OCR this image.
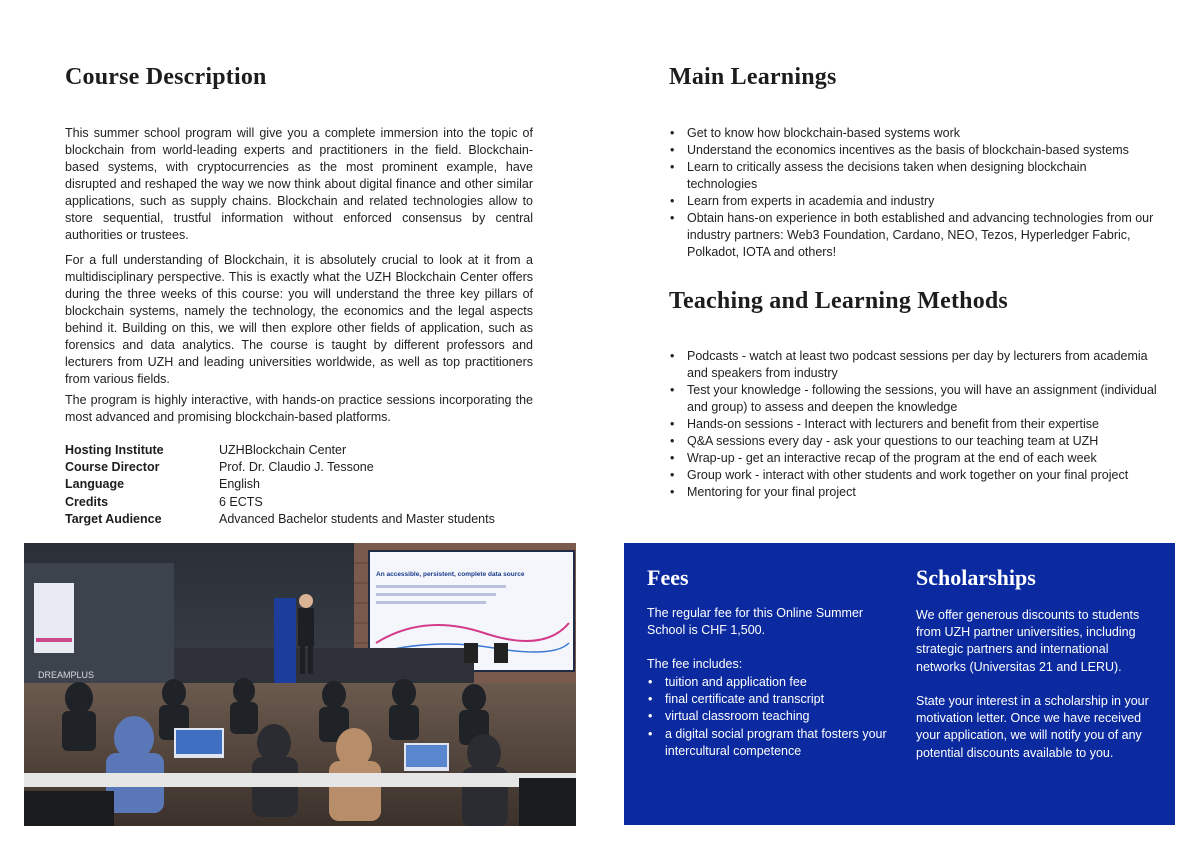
Course Description

This summer school program will give you a complete immersion into the topic of blockchain from world-leading experts and practitioners in the field. Blockchain-based systems, with cryptocurrencies as the most prominent example, have disrupted and reshaped the way we now think about digital finance and other similar applications, such as supply chains. Blockchain and related technologies allow to store sequential, trustful information without enforced consensus by central authorities or trustees.

For a full understanding of Blockchain, it is absolutely crucial to look at it from a multidisciplinary perspective. This is exactly what the UZH Blockchain Center offers during the three weeks of this course: you will understand the three key pillars of blockchain systems, namely the technology, the economics and the legal aspects behind it. Building on this, we will then explore other fields of application, such as forensics and data analytics. The course is taught by different professors and lecturers from UZH and leading universities worldwide, as well as top practitioners from various fields.

The program is highly interactive, with hands-on practice sessions incorporating the most advanced and promising blockchain-based platforms.

Hosting Institute	UZHBlockchain Center
Course Director	Prof. Dr. Claudio J. Tessone
Language	English
Credits	6 ECTS
Target Audience	Advanced Bachelor students and Master students
Main Learnings
• Get to know how blockchain-based systems work
• Understand the economics incentives as the basis of blockchain-based systems
• Learn to critically assess the decisions taken when designing blockchain technologies
• Learn from experts in academia and industry
• Obtain hans-on experience in both established and advancing technologies from our industry partners: Web3 Foundation, Cardano, NEO, Tezos, Hyperledger Fabric, Polkadot, IOTA and others!
Teaching and Learning Methods
• Podcasts - watch at least two podcast sessions per day by lecturers from academia and speakers from industry
• Test your knowledge - following the sessions, you will have an assignment (individual and group) to assess and deepen the knowledge
• Hands-on sessions - Interact with lecturers and benefit from their expertise
• Q&A sessions every day - ask your questions to our teaching team at UZH
• Wrap-up - get an interactive recap of the program at the end of each week
• Group work - interact with other students and work together on your final project
• Mentoring for your final project
DREAMPLUS
An accessible, persistent, complete data source	Fees

The regular fee for this Online Summer School is CHF 1,500.

The fee includes:

• tuition and application fee
• final certificate and transcript
• virtual classroom teaching
• a digital social program that fosters your intercultural competence
Scholarships

We offer generous discounts to students from UZH partner universities, including strategic partners and international networks (Universitas 21 and LERU).

State your interest in a scholarship in your motivation letter. Once we have received your application, we will notify you of any potential discounts available to you.
